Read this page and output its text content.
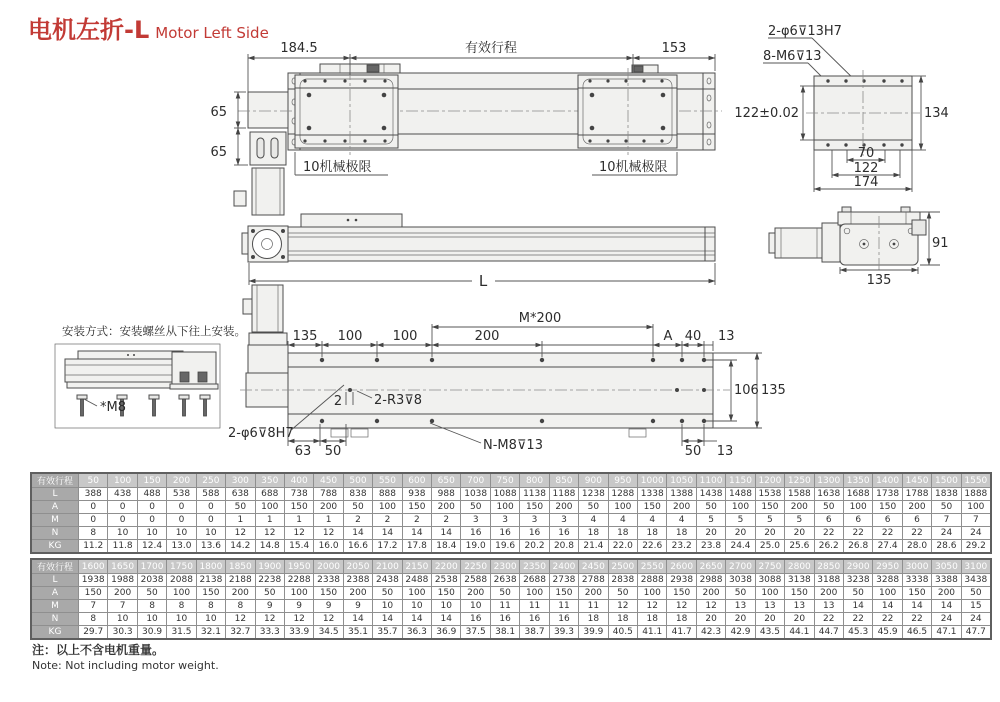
电机左折-L Motor Left Side
184.5	有效行程	153
65
65
10机械极限	10机械极限
2-φ6⊽13H7
8-M6⊽13
122±0.02	134
70
122
174
L
91
135
安装方式：安装螺丝从下往上安装。
*M8
135 100 100	200	A 40 13
M*200
106 135
63 50	50 13
2-φ6⊽8H7
2 2-R3⊽8
N-M8⊽13
有效行程	50	100	150	200	250	300	350	400	450	500	550	600	650	700	750	800	850	900	950	1000	1050	1100	1150	1200	1250	1300	1350	1400	1450	1500	1550
L	388	438	488	538	588	638	688	738	788	838	888	938	988	1038	1088	1138	1188	1238	1288	1338	1388	1438	1488	1538	1588	1638	1688	1738	1788	1838	1888
A	0	0	0	0	0	50	100	150	200	50	100	150	200	50	100	150	200	50	100	150	200	50	100	150	200	50	100	150	200	50	100
M	0	0	0	0	0	1	1	1	1	2	2	2	2	3	3	3	3	4	4	4	4	5	5	5	5	6	6	6	6	7	7
N	8	10	10	10	10	12	12	12	12	14	14	14	14	16	16	16	16	18	18	18	18	20	20	20	20	22	22	22	22	24	24
KG	11.2	11.8	12.4	13.0	13.6	14.2	14.8	15.4	16.0	16.6	17.2	17.8	18.4	19.0	19.6	20.2	20.8	21.4	22.0	22.6	23.2	23.8	24.4	25.0	25.6	26.2	26.8	27.4	28.0	28.6	29.2
有效行程	1600	1650	1700	1750	1800	1850	1900	1950	2000	2050	2100	2150	2200	2250	2300	2350	2400	2450	2500	2550	2600	2650	2700	2750	2800	2850	2900	2950	3000	3050	3100
L	1938	1988	2038	2088	2138	2188	2238	2288	2338	2388	2438	2488	2538	2588	2638	2688	2738	2788	2838	2888	2938	2988	3038	3088	3138	3188	3238	3288	3338	3388	3438
A	150	200	50	100	150	200	50	100	150	200	50	100	150	200	50	100	150	200	50	100	150	200	50	100	150	200	50	100	150	200	50
M	7	7	8	8	8	8	9	9	9	9	10	10	10	10	11	11	11	11	12	12	12	12	13	13	13	13	14	14	14	14	15
N	8	10	10	10	10	12	12	12	12	14	14	14	14	16	16	16	16	18	18	18	18	20	20	20	20	22	22	22	22	24	24
KG	29.7	30.3	30.9	31.5	32.1	32.7	33.3	33.9	34.5	35.1	35.7	36.3	36.9	37.5	38.1	38.7	39.3	39.9	40.5	41.1	41.7	42.3	42.9	43.5	44.1	44.7	45.3	45.9	46.5	47.1	47.7
注：以上不含电机重量。
Note: Not including motor weight.
